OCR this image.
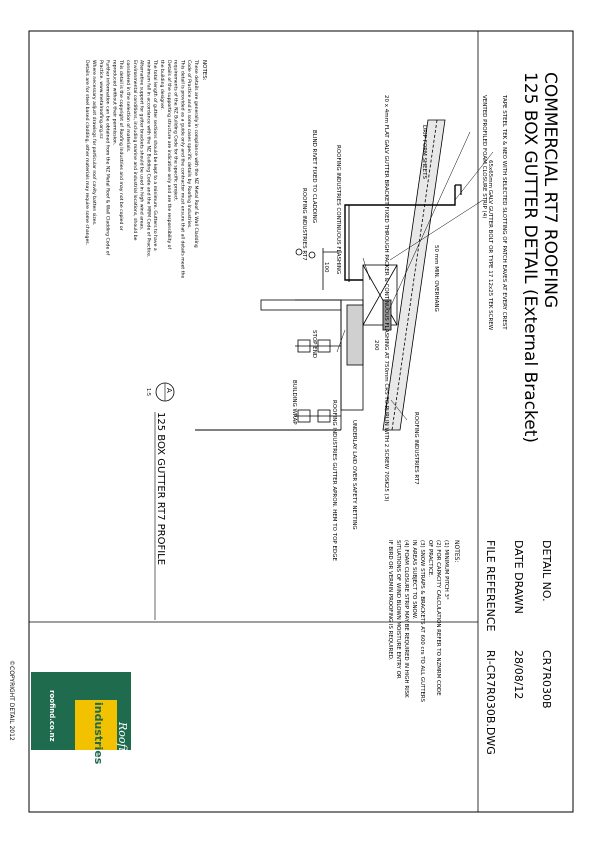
COMMERCIAL RT7 ROOFING
125 BOX GUTTER DETAIL (External Bracket)
DETAIL NO.
CR7R030B
DATE DRAWN
28/08/12
FILE REFERENCE
RI-CR7R030B.DWG
NOTES:
(1) MINIMUM PITCH 3°
(2) FOR CAPACITY CALCULATION REFER TO NZMRM CODE
OF PRACTICE.
(3) SNOW STRAPS & BRACKETS AT 600 crs TO ALL GUTTERS
IN AREAS SUBJECT TO SNOW.
(4) FOAM CLOSURE STRIP MAY BE REQUIRED IN HIGH RISK
SITUATIONS OF WIND BLOWN MOISTURE ENTRY OR
IF BIRD OR VERMIN PROOFING IS REQUIRED.
Roofing
industries
roofind.co.nz
©COPYRIGHT DETAIL 2012
A
1:5
125 BOX GUTTER RT7 PROFILE
NOTES:
These details are generally in compliance with the NZ Metal Roof & Wall Cladding
Code of Practice and in some cases specific details by Roofing Industries.
This detail is provided as a guide only and the contractor must ensure that all details meet the
requirements of the NZ Building Code for the specific project.
Details of the supporting structure are indicative only and are the responsibility of
the building designer.
The total length of gutter sections should be kept to a minimum. Gutters to have a
minimum fall in accordance with the NZ Building Code and the MRM Code of Practice.
Alternative support for gutter brackets should be used in high wind areas.
Environmental conditions, including marine and industrial locations, should be
considered in the selection of materials.
This detail is the copyright of Roofing Industries and may not be copied or
reproduced without their permission.
Further information can be obtained from the NZ Metal Roof & Wall Cladding Code of
Practice. www.metalroofing.org.nz
Where necessary adjust drawings for particular roof cavity batten sizes.
Details are for steel based cladding, other materials may require some changes.	TAPE STEEL TEK & NEO WITH SELECTED SLOTTING OF PATCH EAVES AT EVERY CREST
VENTED PROFILED FOAM CLOSURE STRIP (4)
65x65mm GALV GUTTER BOLT OR TYPE 17 12x25 TEK SCREW
DRIP FORM SHEETS
50 mm MIN. OVERHANG
20 x 4mm FLAT GALV GUTTER BRACKET FIXED THROUGH PACKER & CONTINUOUS FLASHING AT 750mm CRS TO PURLIN WITH 2 SCREW 70SK25 (3)
ROOFING INDUSTRIES CONTINUOUS FLASHING
BLIND RIVET FIXED TO CLADDING
ROOFING INDUSTRIES RT7
ROOFING INDUSTRIES RT7
UNDERLAY LAID OVER SAFETY NETTING
ROOFING INDUSTRIES GUTTER APRON. HEM TO TOP EDGE
STOP END
BUILDING WRAP
200
100
